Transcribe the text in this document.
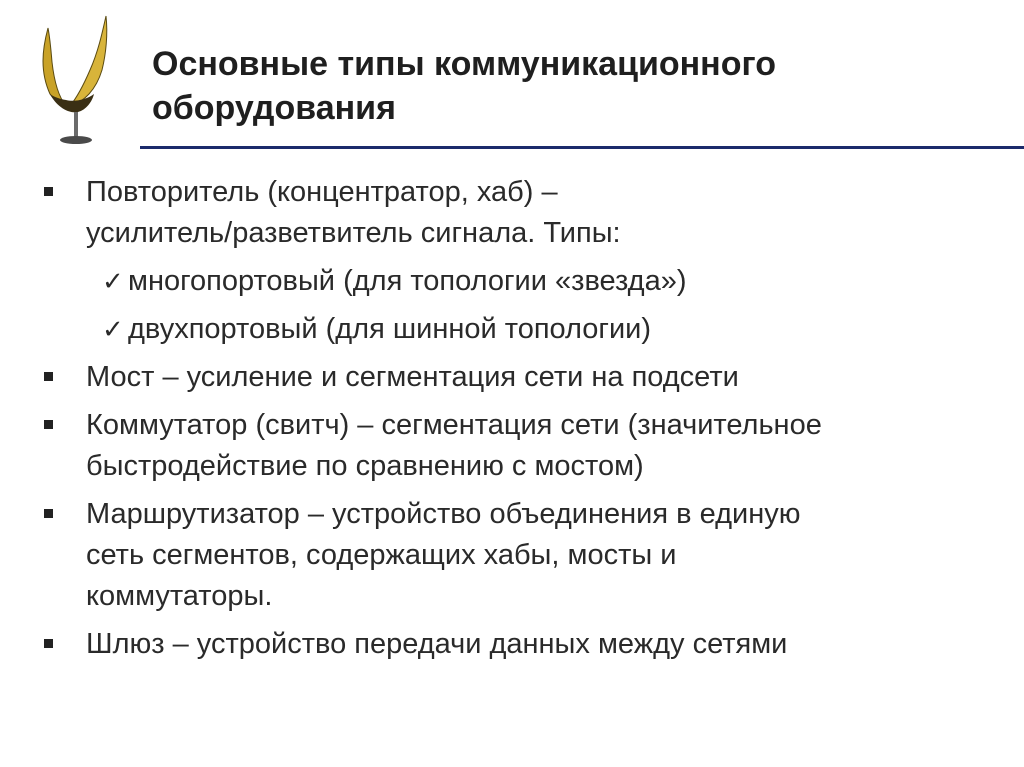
Основные типы коммуникационного
оборудования
Повторитель (концентратор, хаб) –
усилитель/разветвитель сигнала. Типы:
✓ многопортовый (для топологии «звезда»)
✓ двухпортовый (для шинной топологии)
Мост – усиление и сегментация сети на подсети
Коммутатор (свитч) – сегментация сети (значительное
быстродействие по сравнению с мостом)
Маршрутизатор – устройство объединения в единую
сеть сегментов, содержащих хабы, мосты и
коммутаторы.
Шлюз – устройство передачи данных между сетями
